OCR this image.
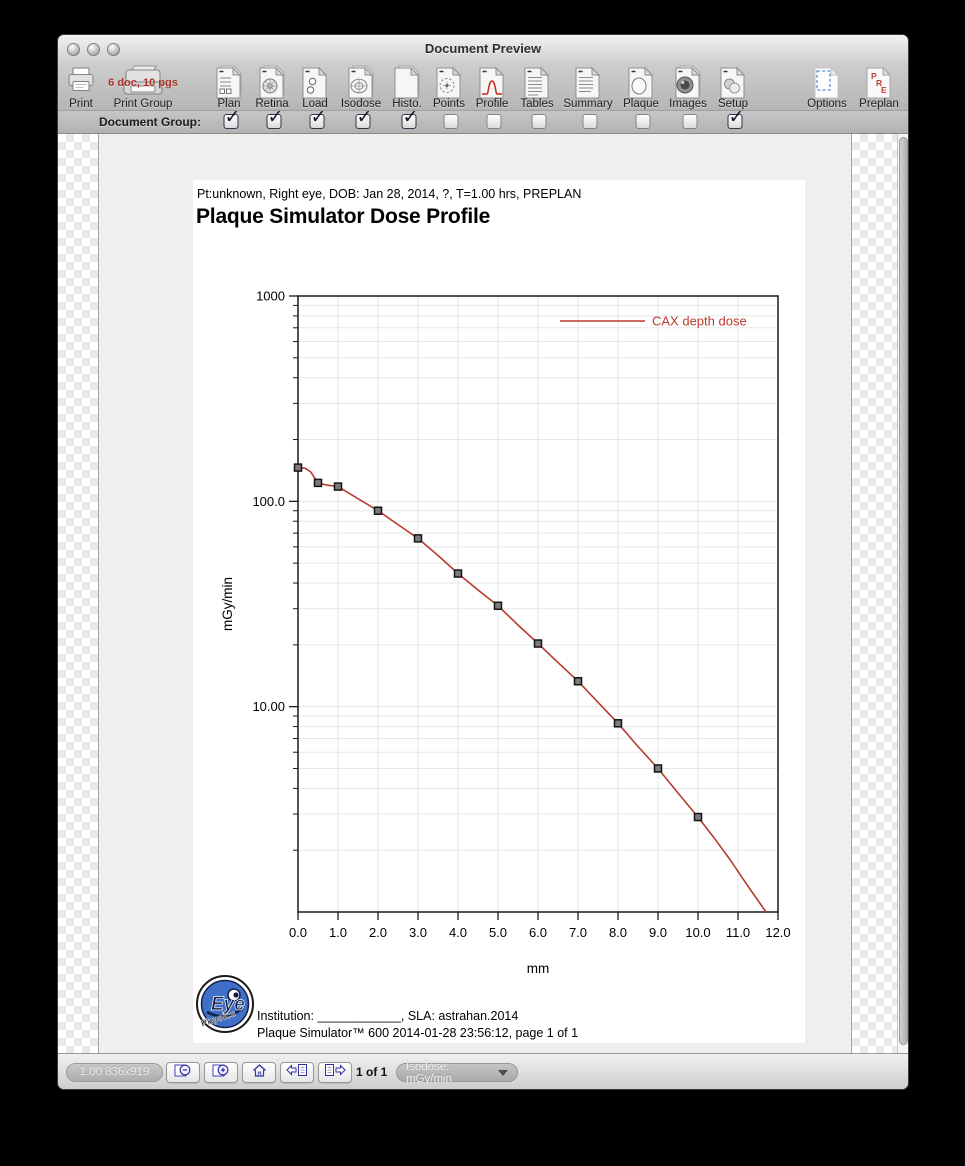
Document Preview
Print
6 doc, 10 pgs
Print Group	Plan	Retina	Load	Isodose Histo. Points Profile	Tables Summary Plaque Images Setup	Options
P
R
E
Preplan
Document Group: ✓ ✓ ✓ ✓ ✓	✓
Pt:unknown, Right eye, DOB: Jan 28, 2014, ?, T=1.00 hrs, PREPLAN
Plaque Simulator Dose Profile
1000
100.0
10.00
0.0 1.0 2.0 3.0 4.0 5.0 6.0 7.0 8.0 9.0 10.0 11.0 12.0
mm
mGy/min
CAX depth dose
Eye
Physics Institution: ____________, SLA: astrahan.2014
Plaque Simulator™ 600 2014-01-28 23:56:12, page 1 of 1
1.00 836x919	1 of 1 Isodose: mGy/min
